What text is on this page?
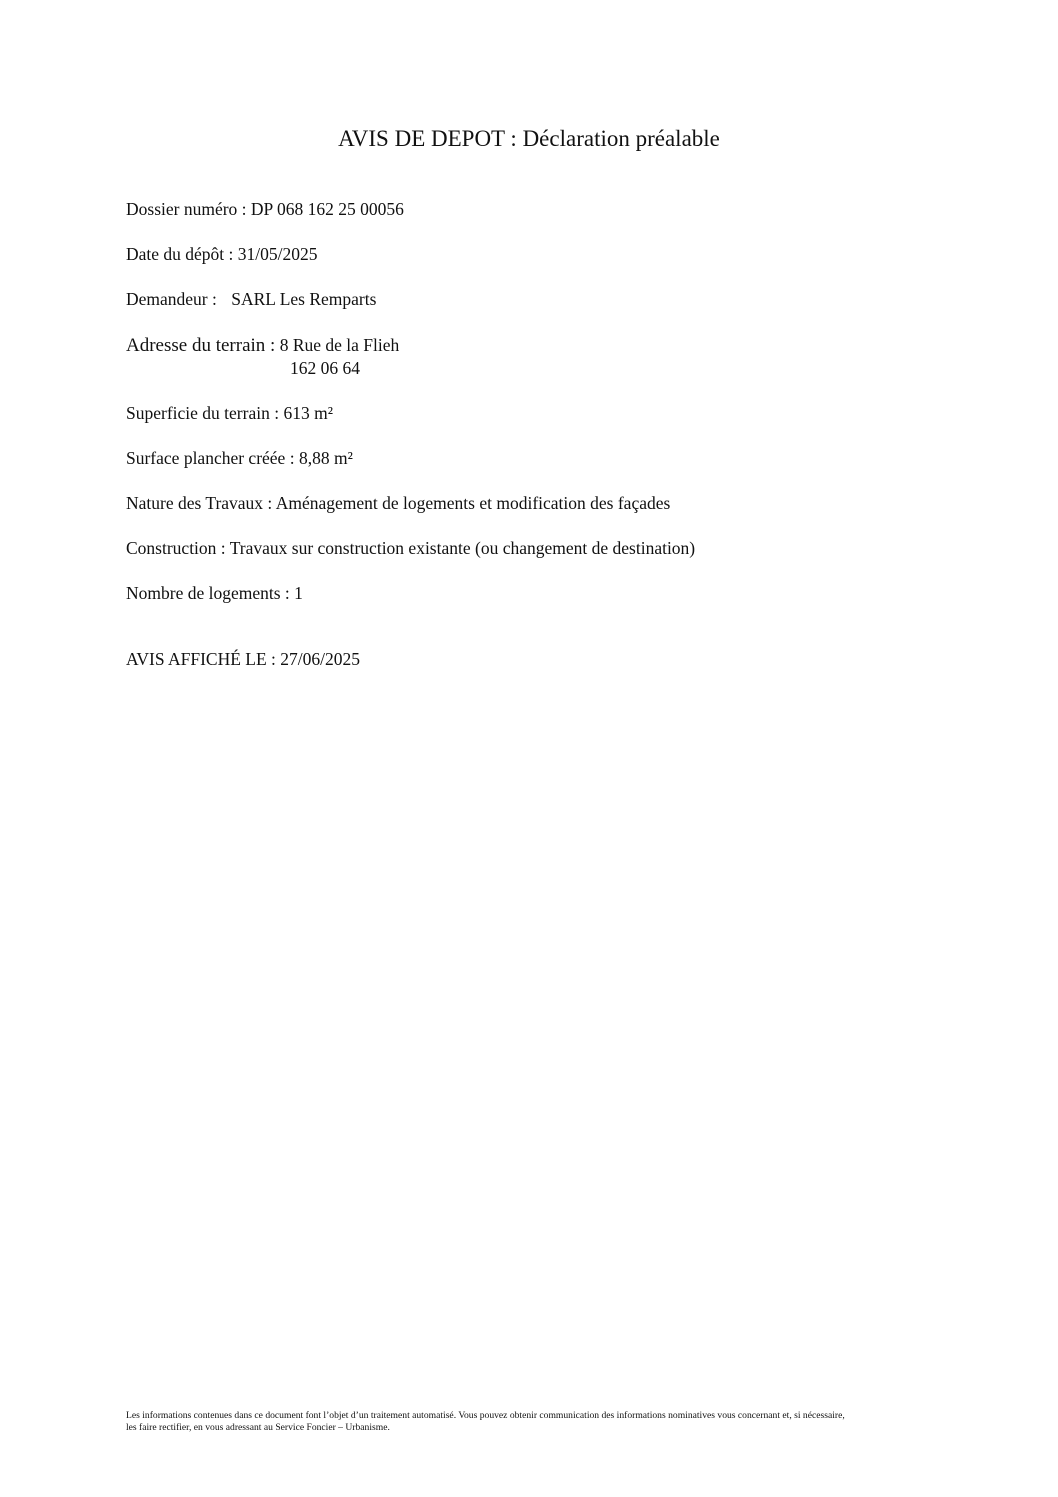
AVIS DE DEPOT : Déclaration préalable
Dossier numéro : DP 068 162 25 00056
Date du dépôt : 31/05/2025
Demandeur : SARL Les Remparts
Adresse du terrain : 8 Rue de la Flieh
162 06 64
Superficie du terrain : 613 m²
Surface plancher créée : 8,88 m²
Nature des Travaux : Aménagement de logements et modification des façades
Construction : Travaux sur construction existante (ou changement de destination)
Nombre de logements : 1
AVIS AFFICHÉ LE : 27/06/2025
Les informations contenues dans ce document font l’objet d’un traitement automatisé. Vous pouvez obtenir communication des informations nominatives vous concernant et, si nécessaire,
les faire rectifier, en vous adressant au Service Foncier – Urbanisme.
